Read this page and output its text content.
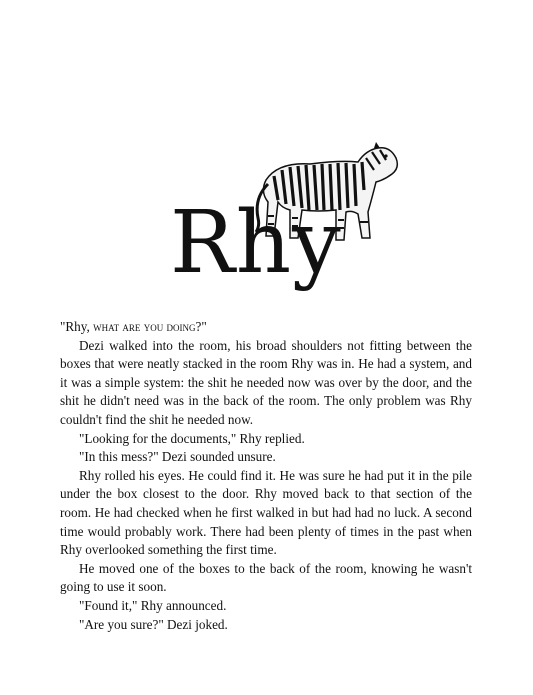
Rhy

"Rhy, what are you doing?"

Dezi walked into the room, his broad shoulders not fitting between the boxes that were neatly stacked in the room Rhy was in. He had a system, and it was a simple system: the shit he needed now was over by the door, and the shit he didn't need was in the back of the room. The only problem was Rhy couldn't find the shit he needed now.

"Looking for the documents," Rhy replied.

"In this mess?" Dezi sounded unsure.

Rhy rolled his eyes. He could find it. He was sure he had put it in the pile under the box closest to the door. Rhy moved back to that section of the room. He had checked when he first walked in but had had no luck. A second time would probably work. There had been plenty of times in the past when Rhy overlooked something the first time.

He moved one of the boxes to the back of the room, knowing he wasn't going to use it soon.

"Found it," Rhy announced.

"Are you sure?" Dezi joked.
